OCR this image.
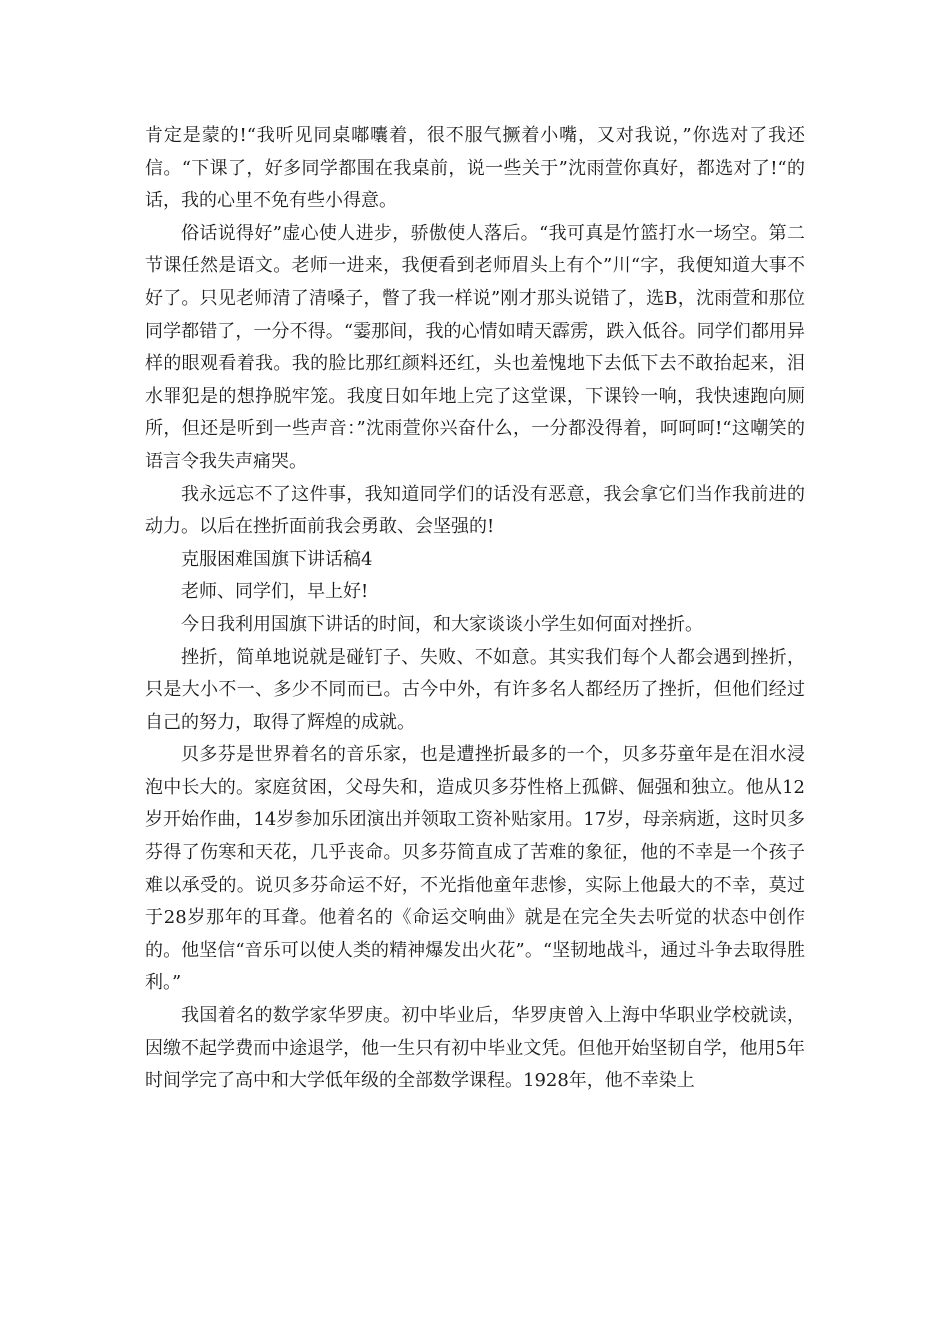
肯定是蒙的!“我听见同桌嘟囔着，很不服气撅着小嘴，又对我说，”你选对了我还信。“下课了，好多同学都围在我桌前，说一些关于”沈雨萱你真好，都选对了!“的话，我的心里不免有些小得意。

俗话说得好”虚心使人进步，骄傲使人落后。“我可真是竹篮打水一场空。第二节课任然是语文。老师一进来，我便看到老师眉头上有个”川“字，我便知道大事不好了。只见老师清了清嗓子，瞥了我一样说”刚才那头说错了，选B，沈雨萱和那位同学都错了，一分不得。“霎那间，我的心情如晴天霹雳，跌入低谷。同学们都用异样的眼观看着我。我的脸比那红颜料还红，头也羞愧地下去低下去不敢抬起来，泪水罪犯是的想挣脱牢笼。我度日如年地上完了这堂课，下课铃一响，我快速跑向厕所，但还是听到一些声音：”沈雨萱你兴奋什么，一分都没得着，呵呵呵!“这嘲笑的语言令我失声痛哭。

我永远忘不了这件事，我知道同学们的话没有恶意，我会拿它们当作我前进的动力。以后在挫折面前我会勇敢、会坚强的!

克服困难国旗下讲话稿4

老师、同学们，早上好!

今日我利用国旗下讲话的时间，和大家谈谈小学生如何面对挫折。

挫折，简单地说就是碰钉子、失败、不如意。其实我们每个人都会遇到挫折，只是大小不一、多少不同而已。古今中外，有许多名人都经历了挫折，但他们经过自己的努力，取得了辉煌的成就。

贝多芬是世界着名的音乐家，也是遭挫折最多的一个，贝多芬童年是在泪水浸泡中长大的。家庭贫困，父母失和，造成贝多芬性格上孤僻、倔强和独立。他从12岁开始作曲，14岁参加乐团演出并领取工资补贴家用。17岁，母亲病逝，这时贝多芬得了伤寒和天花，几乎丧命。贝多芬简直成了苦难的象征，他的不幸是一个孩子难以承受的。说贝多芬命运不好，不光指他童年悲惨，实际上他最大的不幸，莫过于28岁那年的耳聋。他着名的《命运交响曲》就是在完全失去听觉的状态中创作的。他坚信“音乐可以使人类的精神爆发出火花”。“坚韧地战斗，通过斗争去取得胜利。”

我国着名的数学家华罗庚。初中毕业后，华罗庚曾入上海中华职业学校就读，因缴不起学费而中途退学，他一生只有初中毕业文凭。但他开始坚韧自学，他用5年时间学完了高中和大学低年级的全部数学课程。1928年，他不幸染上
